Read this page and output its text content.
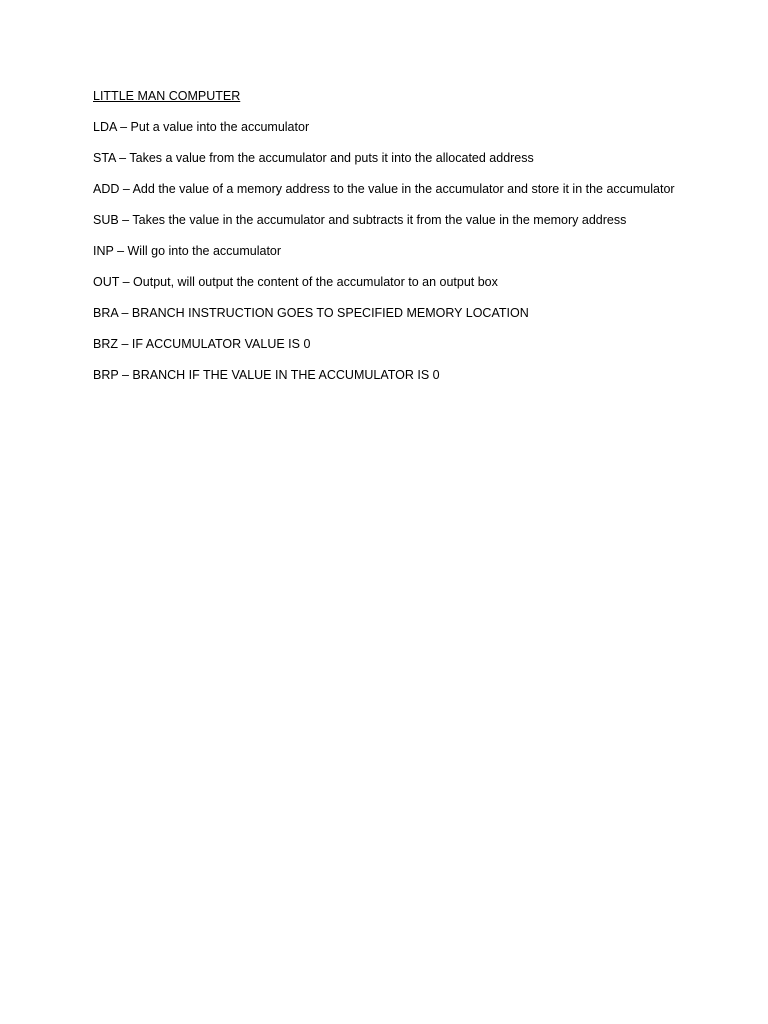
LITTLE MAN COMPUTER
LDA – Put a value into the accumulator
STA – Takes a value from the accumulator and puts it into the allocated address
ADD – Add the value of a memory address to the value in the accumulator and store it in the accumulator
SUB – Takes the value in the accumulator and subtracts it from the value in the memory address
INP – Will go into the accumulator
OUT – Output, will output the content of the accumulator to an output box
BRA – BRANCH INSTRUCTION GOES TO SPECIFIED MEMORY LOCATION
BRZ – IF ACCUMULATOR VALUE IS 0
BRP – BRANCH IF THE VALUE IN THE ACCUMULATOR IS 0
